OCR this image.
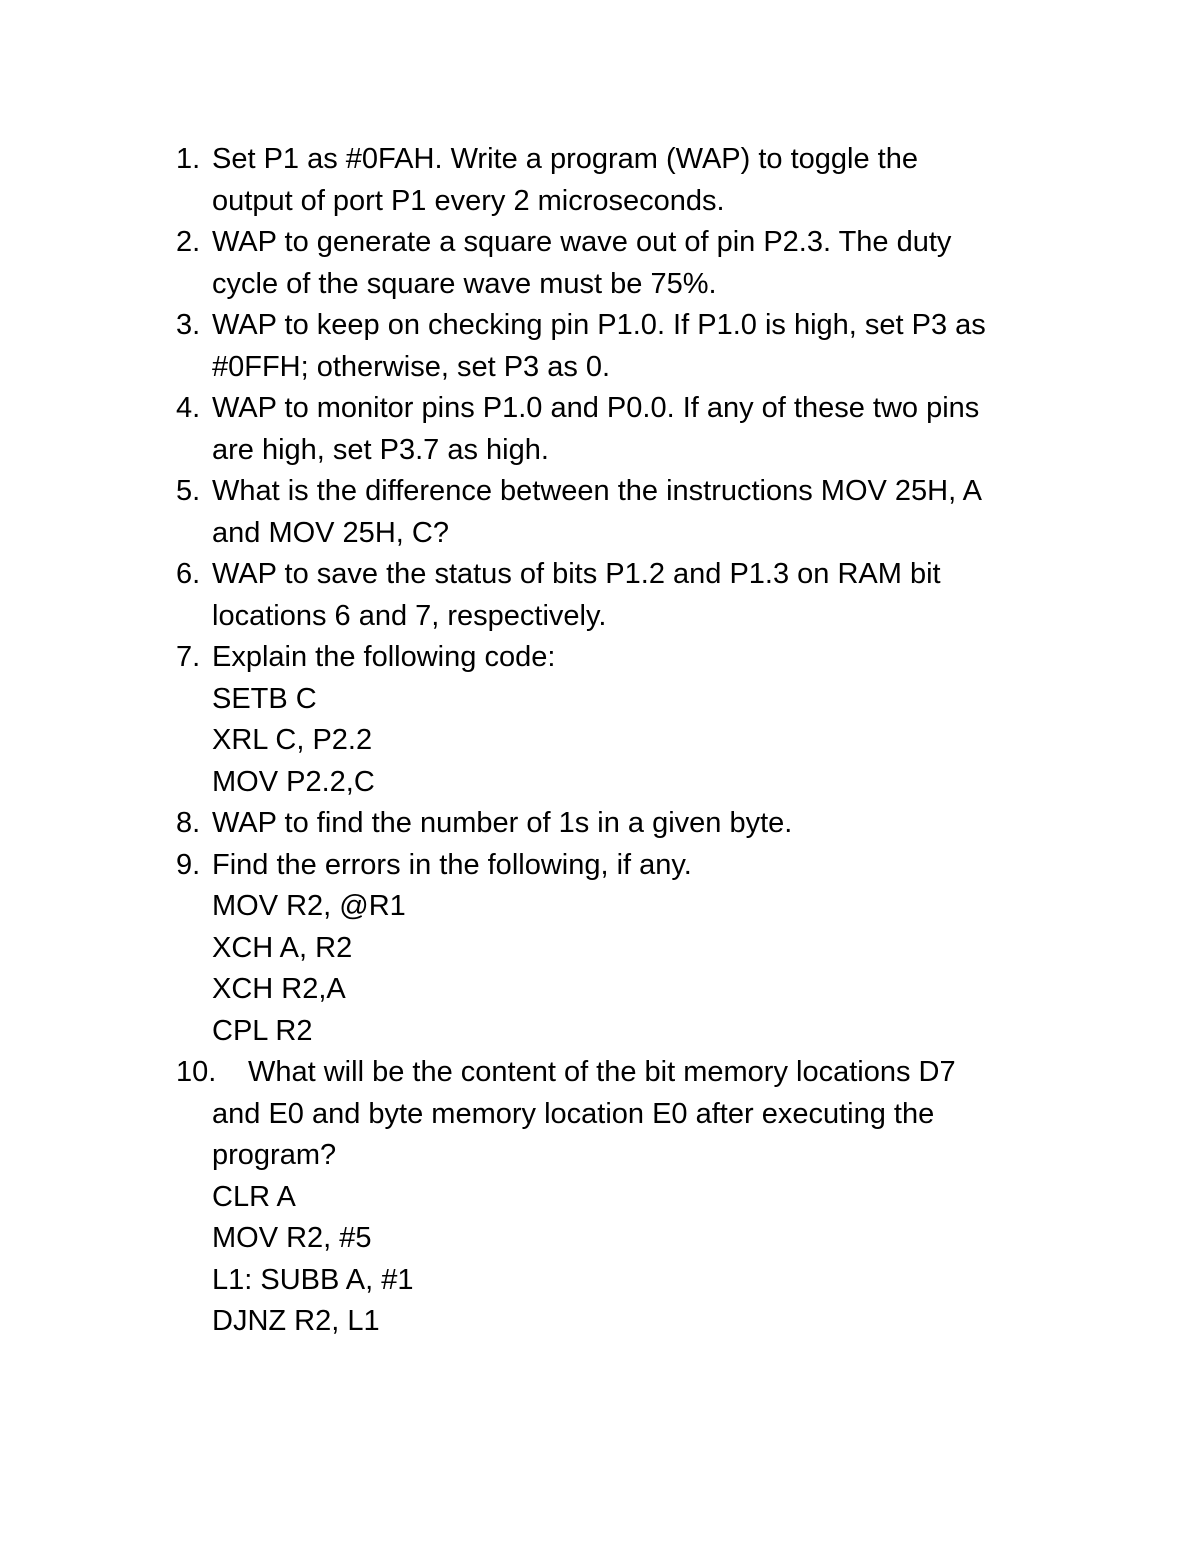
1. Set P1 as #0FAH. Write a program (WAP) to toggle the
output of port P1 every 2 microseconds.
2. WAP to generate a square wave out of pin P2.3. The duty
cycle of the square wave must be 75%.
3. WAP to keep on checking pin P1.0. If P1.0 is high, set P3 as
#0FFH; otherwise, set P3 as 0.
4. WAP to monitor pins P1.0 and P0.0. If any of these two pins
are high, set P3.7 as high.
5. What is the difference between the instructions MOV 25H, A
and MOV 25H, C?
6. WAP to save the status of bits P1.2 and P1.3 on RAM bit
locations 6 and 7, respectively.
7. Explain the following code:
SETB C
XRL C, P2.2
MOV P2.2,C
8. WAP to find the number of 1s in a given byte.
9. Find the errors in the following, if any.
MOV R2, @R1
XCH A, R2
XCH R2,A
CPL R2
10. What will be the content of the bit memory locations D7
and E0 and byte memory location E0 after executing the
program?
CLR A
MOV R2, #5
L1: SUBB A, #1
DJNZ R2, L1
